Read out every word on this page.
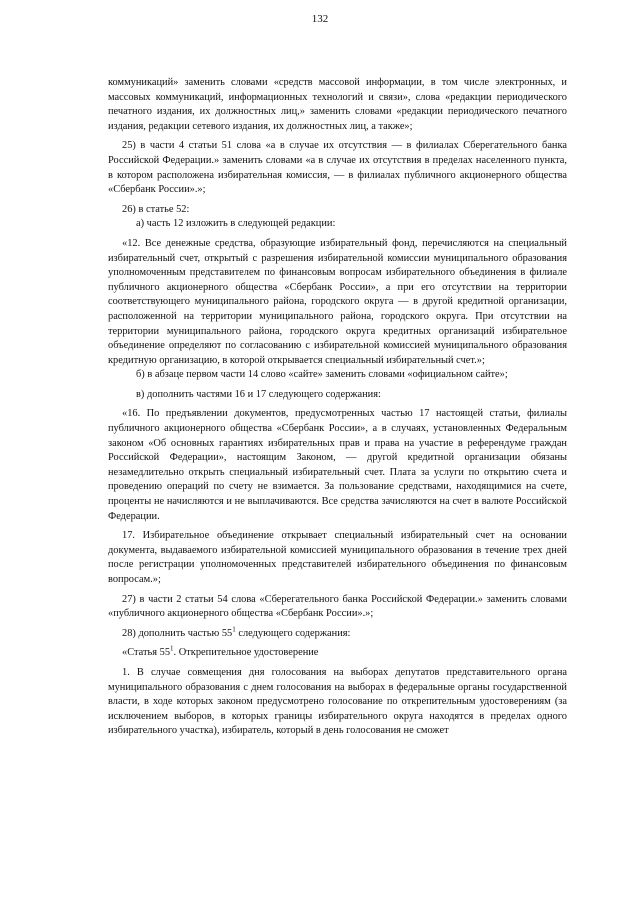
132

коммуникаций» заменить словами «средств массовой информации, в том числе электронных, и массовых коммуникаций, информационных технологий и связи», слова «редакции периодического печатного издания, их должностных лиц,» заменить словами «редакции периодического печатного издания, редакции сетевого издания, их должностных лиц, а также»;

25) в части 4 статьи 51 слова «а в случае их отсутствия — в филиалах Сберегательного банка Российской Федерации.» заменить словами «а в случае их отсутствия в пределах населенного пункта, в котором расположена избирательная комиссия, — в филиалах публичного акционерного общества «Сбербанк России».»;

26) в статье 52:

а) часть 12 изложить в следующей редакции:

«12. Все денежные средства, образующие избирательный фонд, перечисляются на специальный избирательный счет, открытый с разрешения избирательной комиссии муниципального образования уполномоченным представителем по финансовым вопросам избирательного объединения в филиале публичного акционерного общества «Сбербанк России», а при его отсутствии на территории соответствующего муниципального района, городского округа — в другой кредитной организации, расположенной на территории муниципального района, городского округа. При отсутствии на территории муниципального района, городского округа кредитных организаций избирательное объединение определяют по согласованию с избирательной комиссией муниципального образования кредитную организацию, в которой открывается специальный избирательный счет.»;

б) в абзаце первом части 14 слово «сайте» заменить словами «официальном сайте»;

в) дополнить частями 16 и 17 следующего содержания:

«16. По предъявлении документов, предусмотренных частью 17 настоящей статьи, филиалы публичного акционерного общества «Сбербанк России», а в случаях, установленных Федеральным законом «Об основных гарантиях избирательных прав и права на участие в референдуме граждан Российской Федерации», настоящим Законом, — другой кредитной организации обязаны незамедлительно открыть специальный избирательный счет. Плата за услуги по открытию счета и проведению операций по счету не взимается. За пользование средствами, находящимися на счете, проценты не начисляются и не выплачиваются. Все средства зачисляются на счет в валюте Российской Федерации.

17. Избирательное объединение открывает специальный избирательный счет на основании документа, выдаваемого избирательной комиссией муниципального образования в течение трех дней после регистрации уполномоченных представителей избирательного объединения по финансовым вопросам.»;

27) в части 2 статьи 54 слова «Сберегательного банка Российской Федерации.» заменить словами «публичного акционерного общества «Сбербанк России».»;

28) дополнить частью $55^1$ следующего содержания:

«Статья $55^1$. Открепительное удостоверение

1. В случае совмещения дня голосования на выборах депутатов представительного органа муниципального образования с днем голосования на выборах в федеральные органы государственной власти, в ходе которых законом предусмотрено голосование по открепительным удостоверениям (за исключением выборов, в которых границы избирательного округа находятся в пределах одного избирательного участка), избиратель, который в день голосования не сможет
